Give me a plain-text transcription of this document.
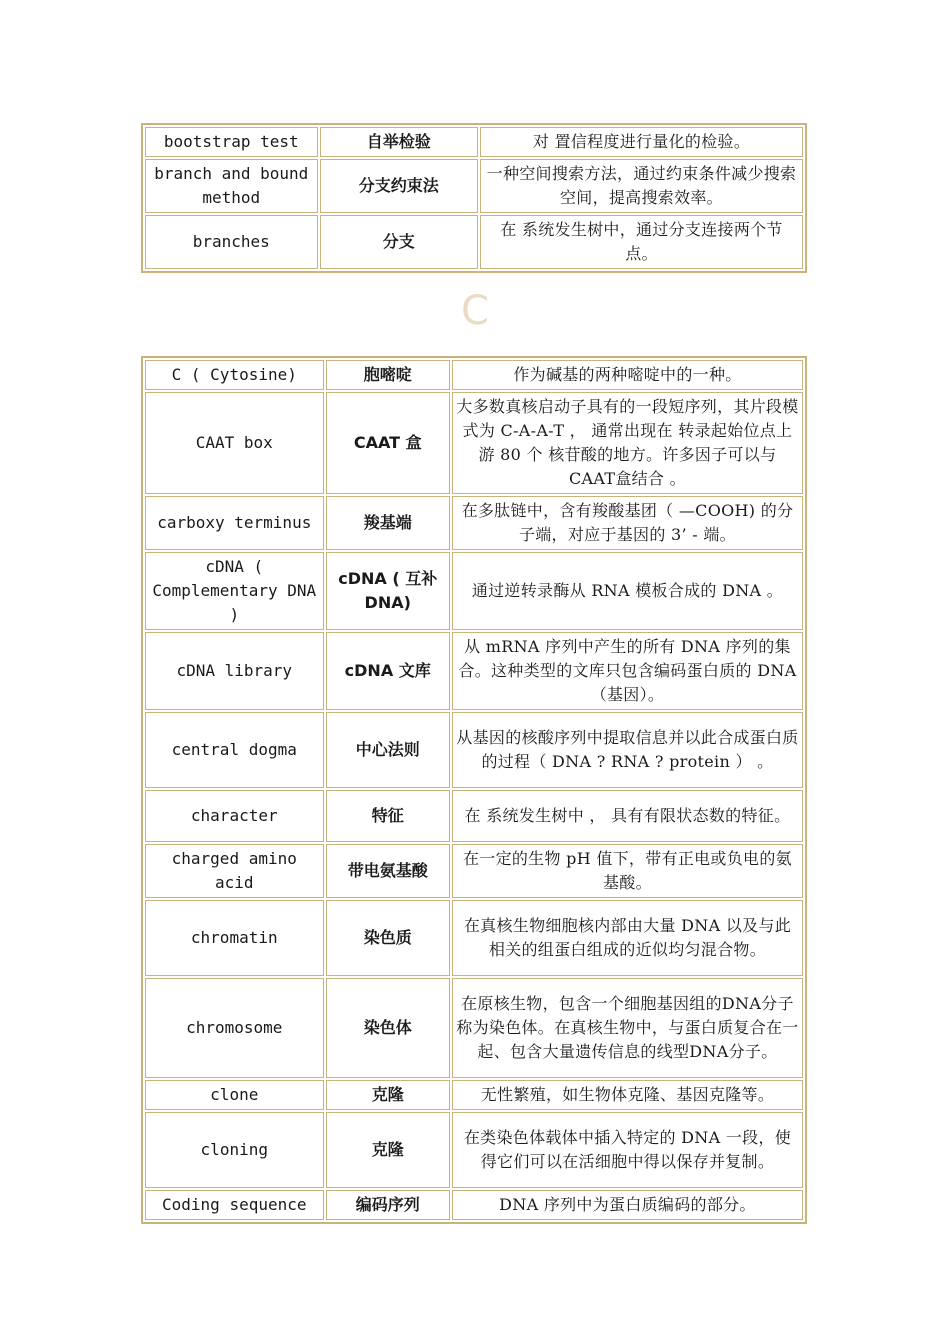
bootstrap test	自举检验	对 置信程度进行量化的检验。
branch and bound method	分支约束法	一种空间搜索方法，通过约束条件减少搜索空间，提高搜索效率。
branches	分支	在 系统发生树中，通过分支连接两个节点。
C
C ( Cytosine)	胞嘧啶	作为碱基的两种嘧啶中的一种。
CAAT box	CAAT 盒	大多数真核启动子具有的一段短序列，其片段模式为 C-A-A-T ， 通常出现在 转录起始位点上游 80 个 核苷酸的地方。许多因子可以与CAAT盒结合 。
carboxy terminus	羧基端	在多肽链中，含有羧酸基团（ —COOH) 的分子端，对应于基因的 3’ - 端。
cDNA ( Complementary DNA )	cDNA ( 互补DNA)	通过逆转录酶从 RNA 模板合成的 DNA 。
cDNA library	cDNA 文库	从 mRNA 序列中产生的所有 DNA 序列的集合。这种类型的文库只包含编码蛋白质的 DNA （基因）。
central dogma	中心法则	从基因的核酸序列中提取信息并以此合成蛋白质的过程（ DNA ? RNA ? protein ） 。
character	特征	在 系统发生树中 ， 具有有限状态数的特征。
charged amino acid	带电氨基酸	在一定的生物 pH 值下，带有正电或负电的氨基酸。
chromatin	染色质	在真核生物细胞核内部由大量 DNA 以及与此相关的组蛋白组成的近似均匀混合物。
chromosome	染色体	在原核生物，包含一个细胞基因组的DNA分子称为染色体。在真核生物中，与蛋白质复合在一起、包含大量遗传信息的线型DNA分子。
clone	克隆	无性繁殖，如生物体克隆、基因克隆等。
cloning	克隆	在类染色体载体中插入特定的 DNA 一段，使得它们可以在活细胞中得以保存并复制。
Coding sequence	编码序列	DNA 序列中为蛋白质编码的部分。
